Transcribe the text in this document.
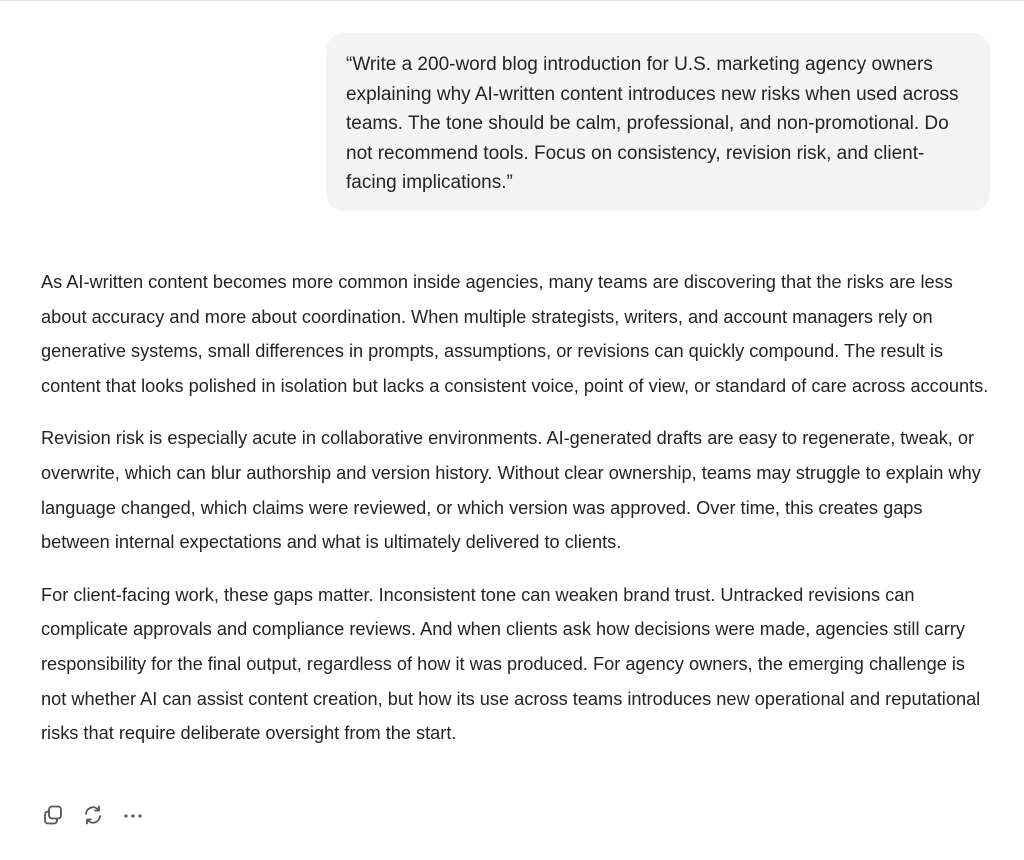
“Write a 200-word blog introduction for U.S. marketing agency owners explaining why AI-written content introduces new risks when used across teams. The tone should be calm, professional, and non-promotional. Do not recommend tools. Focus on consistency, revision risk, and client-facing implications.”

As AI-written content becomes more common inside agencies, many teams are discovering that the risks are less about accuracy and more about coordination. When multiple strategists, writers, and account managers rely on generative systems, small differences in prompts, assumptions, or revisions can quickly compound. The result is content that looks polished in isolation but lacks a consistent voice, point of view, or standard of care across accounts.

Revision risk is especially acute in collaborative environments. AI-generated drafts are easy to regenerate, tweak, or overwrite, which can blur authorship and version history. Without clear ownership, teams may struggle to explain why language changed, which claims were reviewed, or which version was approved. Over time, this creates gaps between internal expectations and what is ultimately delivered to clients.

For client-facing work, these gaps matter. Inconsistent tone can weaken brand trust. Untracked revisions can complicate approvals and compliance reviews. And when clients ask how decisions were made, agencies still carry responsibility for the final output, regardless of how it was produced. For agency owners, the emerging challenge is not whether AI can assist content creation, but how its use across teams introduces new operational and reputational risks that require deliberate oversight from the start.
